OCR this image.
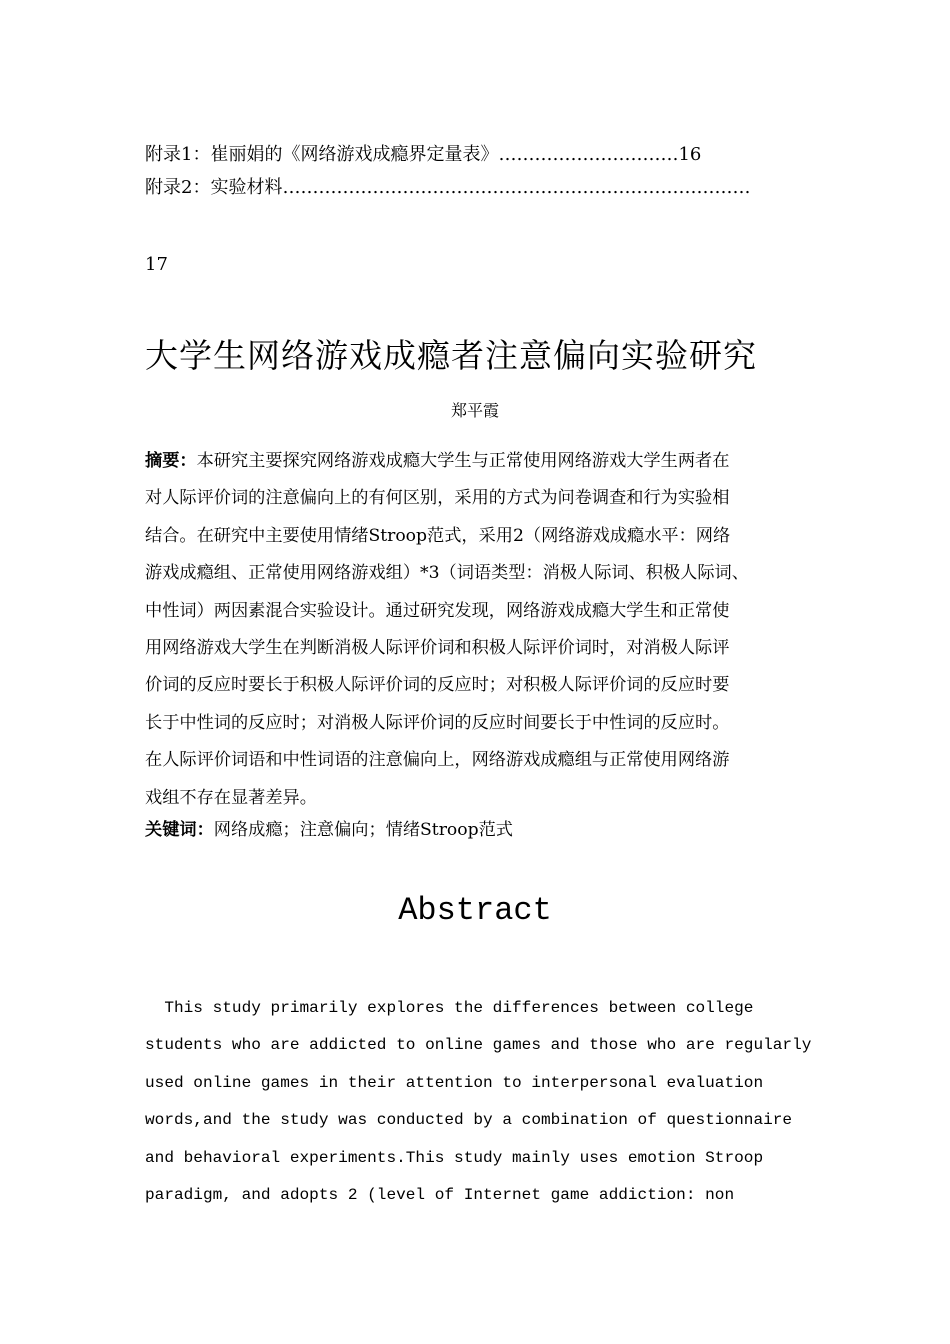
附录1：崔丽娟的《网络游戏成瘾界定量表》…………………………16
附录2：实验材料……………………………………………………………………
17
大学生网络游戏成瘾者注意偏向实验研究

郑平霞

摘要：本研究主要探究网络游戏成瘾大学生与正常使用网络游戏大学生两者在
对人际评价词的注意偏向上的有何区别，采用的方式为问卷调查和行为实验相
结合。在研究中主要使用情绪Stroop范式，采用2（网络游戏成瘾水平：网络
游戏成瘾组、正常使用网络游戏组）*3（词语类型：消极人际词、积极人际词、
中性词）两因素混合实验设计。通过研究发现，网络游戏成瘾大学生和正常使
用网络游戏大学生在判断消极人际评价词和积极人际评价词时，对消极人际评
价词的反应时要长于积极人际评价词的反应时；对积极人际评价词的反应时要
长于中性词的反应时；对消极人际评价词的反应时间要长于中性词的反应时。
在人际评价词语和中性词语的注意偏向上，网络游戏成瘾组与正常使用网络游
戏组不存在显著差异。
关键词：网络成瘾；注意偏向；情绪Stroop范式
Abstract
This study primarily explores the differences between college
students who are addicted to online games and those who are regularly
used online games in their attention to interpersonal evaluation
words,and the study was conducted by a combination of questionnaire
and behavioral experiments.This study mainly uses emotion Stroop
paradigm, and adopts 2 (level of Internet game addiction: non
